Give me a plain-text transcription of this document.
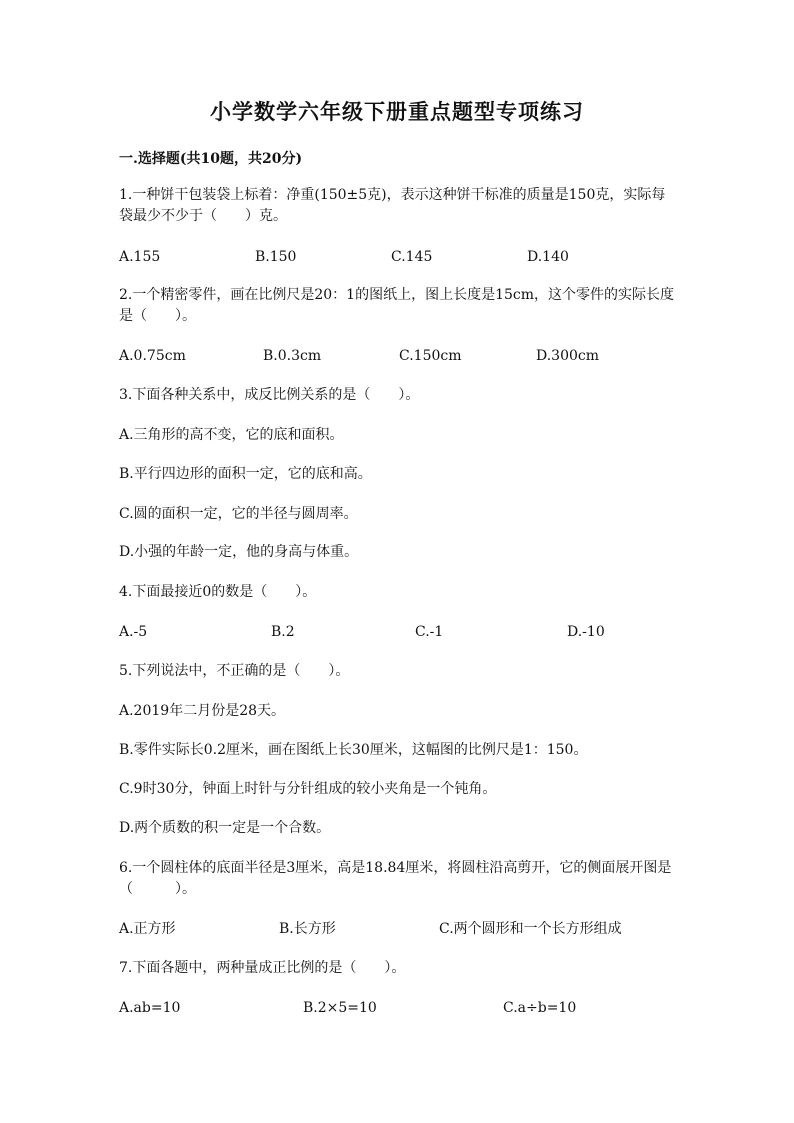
小学数学六年级下册重点题型专项练习
一.选择题(共10题，共20分)
1.一种饼干包装袋上标着：净重(150±5克)，表示这种饼干标准的质量是150克，实际每袋最少不少于（　　）克。
A.155	B.150	C.145	D.140
2.一个精密零件，画在比例尺是20：1的图纸上，图上长度是15cm，这个零件的实际长度是（　　）。
A.0.75cm	B.0.3cm	C.150cm	D.300cm
3.下面各种关系中，成反比例关系的是（　　）。
A.三角形的高不变，它的底和面积。
B.平行四边形的面积一定，它的底和高。
C.圆的面积一定，它的半径与圆周率。
D.小强的年龄一定，他的身高与体重。
4.下面最接近0的数是（　　）。
A.-5	B.2	C.-1	D.-10
5.下列说法中，不正确的是（　　）。
A.2019年二月份是28天。
B.零件实际长0.2厘米，画在图纸上长30厘米，这幅图的比例尺是1：150。
C.9时30分，钟面上时针与分针组成的较小夹角是一个钝角。
D.两个质数的积一定是一个合数。
6.一个圆柱体的底面半径是3厘米，高是18.84厘米，将圆柱沿高剪开，它的侧面展开图是（　　　）。
A.正方形	B.长方形	C.两个圆形和一个长方形组成
7.下面各题中，两种量成正比例的是（　　）。
A.ab=10	B.2×5=10	C.a÷b=10
